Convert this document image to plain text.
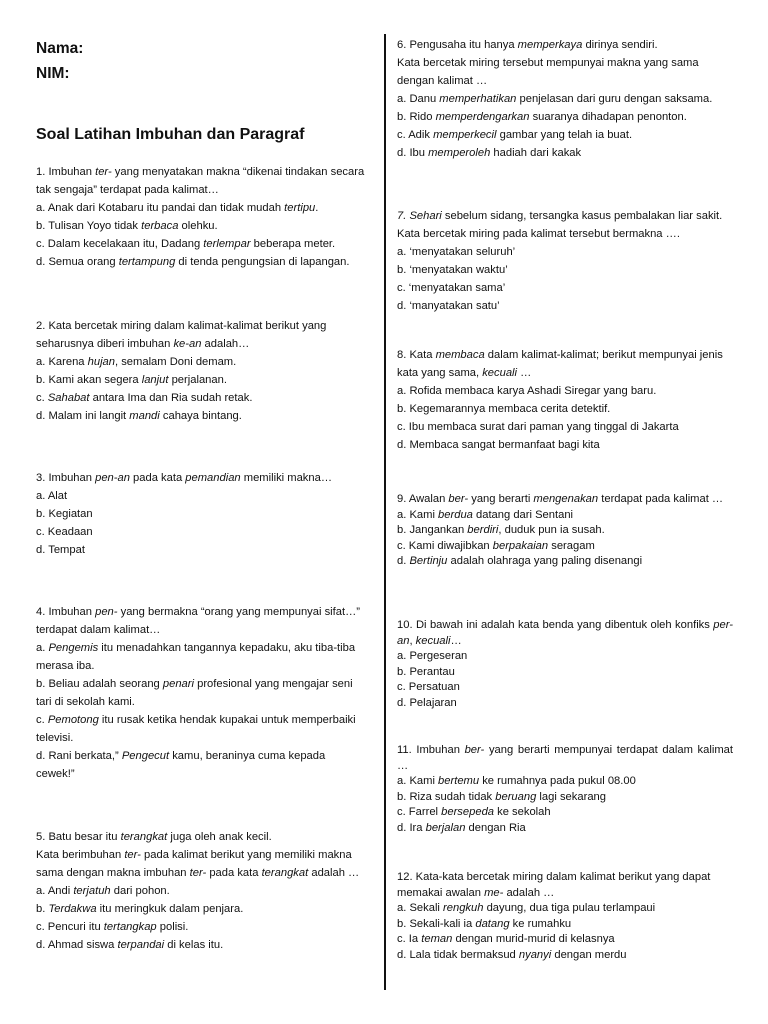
Nama:
NIM:
Soal Latihan Imbuhan dan Paragraf

1. Imbuhan ter- yang menyatakan makna “dikenai tindakan secara tak sengaja” terdapat pada kalimat…

a. Anak dari Kotabaru itu pandai dan tidak mudah tertipu.

b. Tulisan Yoyo tidak terbaca olehku.

c. Dalam kecelakaan itu, Dadang terlempar beberapa meter.

d. Semua orang tertampung di tenda pengungsian di lapangan.

2. Kata bercetak miring dalam kalimat-kalimat berikut yang seharusnya diberi imbuhan ke-an adalah…

a. Karena hujan, semalam Doni demam.

b. Kami akan segera lanjut perjalanan.

c. Sahabat antara Ima dan Ria sudah retak.

d. Malam ini langit mandi cahaya bintang.

3. Imbuhan pen-an pada kata pemandian memiliki makna…

a. Alat

b. Kegiatan

c. Keadaan

d. Tempat

4. Imbuhan pen- yang bermakna “orang yang mempunyai sifat…” terdapat dalam kalimat…

a. Pengemis itu menadahkan tangannya kepadaku, aku tiba-tiba merasa iba.

b. Beliau adalah seorang penari profesional yang mengajar seni tari di sekolah kami.

c. Pemotong itu rusak ketika hendak kupakai untuk memperbaiki televisi.

d. Rani berkata,” Pengecut kamu, beraninya cuma kepada cewek!”

5. Batu besar itu terangkat juga oleh anak kecil.
Kata berimbuhan ter- pada kalimat berikut yang memiliki makna sama dengan makna imbuhan ter- pada kata terangkat adalah …

a. Andi terjatuh dari pohon.

b. Terdakwa itu meringkuk dalam penjara.

c. Pencuri itu tertangkap polisi.

d. Ahmad siswa terpandai di kelas itu.

6. Pengusaha itu hanya memperkaya dirinya sendiri.
Kata bercetak miring tersebut mempunyai makna yang sama dengan kalimat …

a. Danu memperhatikan penjelasan dari guru dengan saksama.

b. Rido memperdengarkan suaranya dihadapan penonton.

c. Adik memperkecil gambar yang telah ia buat.

d. Ibu memperoleh hadiah dari kakak

7. Sehari sebelum sidang, tersangka kasus pembalakan liar sakit.
Kata bercetak miring pada kalimat tersebut bermakna ….

a. ‘menyatakan seluruh’

b. ‘menyatakan waktu’

c. ‘menyatakan sama’

d. ‘manyatakan satu’

8. Kata membaca dalam kalimat-kalimat; berikut mempunyai jenis kata yang sama, kecuali …

a. Rofida membaca karya Ashadi Siregar yang baru.

b. Kegemarannya membaca cerita detektif.

c. Ibu membaca surat dari paman yang tinggal di Jakarta

d. Membaca sangat bermanfaat bagi kita

9. Awalan ber- yang berarti mengenakan terdapat pada kalimat …

a. Kami berdua datang dari Sentani

b. Jangankan berdiri, duduk pun ia susah.

c. Kami diwajibkan berpakaian seragam

d. Bertinju adalah olahraga yang paling disenangi

10. Di bawah ini adalah kata benda yang dibentuk oleh konfiks per-an, kecuali…

a. Pergeseran

b. Perantau

c. Persatuan

d. Pelajaran

11. Imbuhan ber- yang berarti mempunyai terdapat dalam kalimat …

a. Kami bertemu ke rumahnya pada pukul 08.00

b. Riza sudah tidak beruang lagi sekarang

c. Farrel bersepeda ke sekolah

d. Ira berjalan dengan Ria

12. Kata-kata bercetak miring dalam kalimat berikut yang dapat memakai awalan me- adalah …

a. Sekali rengkuh dayung, dua tiga pulau terlampaui

b. Sekali-kali ia datang ke rumahku

c. Ia teman dengan murid-murid di kelasnya

d. Lala tidak bermaksud nyanyi dengan merdu
